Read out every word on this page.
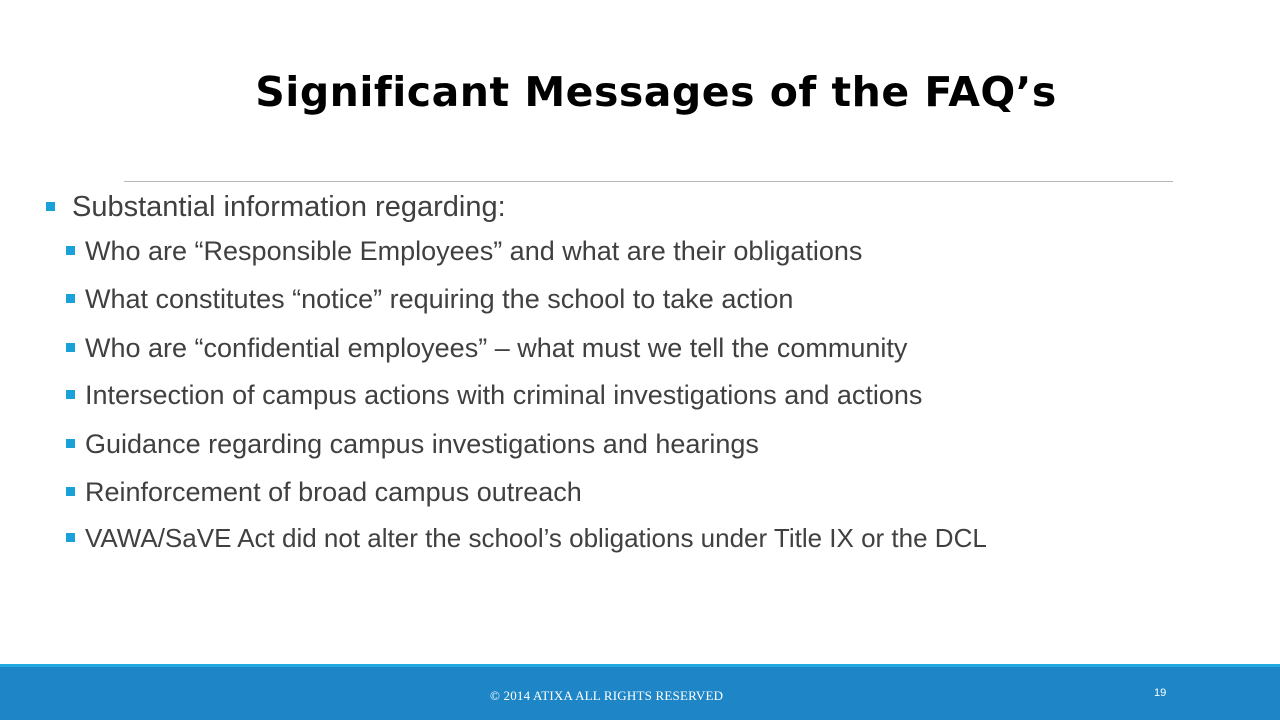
Significant Messages of the FAQ’s
Substantial information regarding:
Who are “Responsible Employees” and what are their obligations
What constitutes “notice” requiring the school to take action
Who are “confidential employees” – what must we tell the community
Intersection of campus actions with criminal investigations and actions
Guidance regarding campus investigations and hearings
Reinforcement of broad campus outreach
VAWA/SaVE Act did not alter the school’s obligations under Title IX or the DCL
© 2014 ATIXA ALL RIGHTS RESERVED	19
